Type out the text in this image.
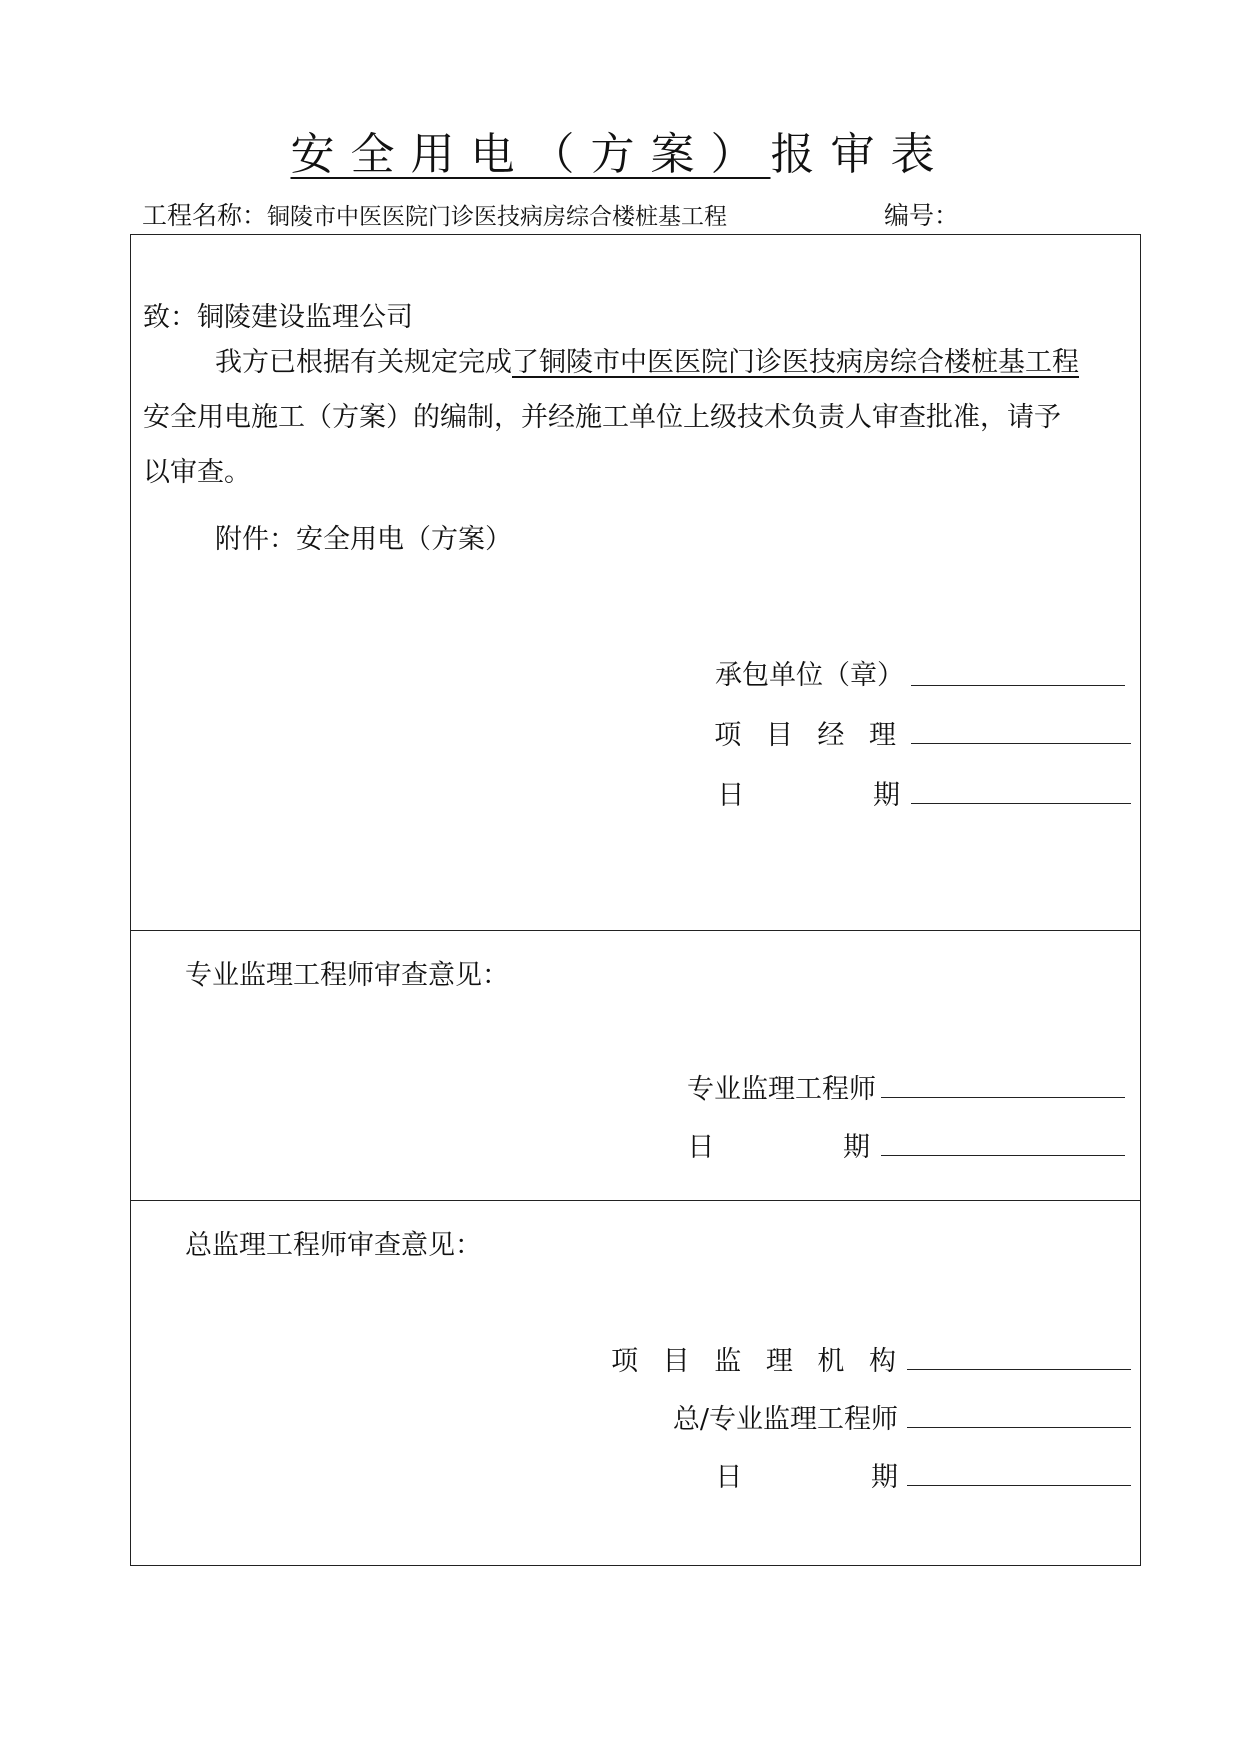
安全用电（方案）报审表
工程名称：铜陵市中医医院门诊医技病房综合楼桩基工程	编号：
致：铜陵建设监理公司
我方已根据有关规定完成了铜陵市中医医院门诊医技病房综合楼桩基工程
安全用电施工（方案）的编制，并经施工单位上级技术负责人审查批准，请予
以审查。
附件：安全用电（方案）
承包单位（章）
项 目 经 理
日 期
专业监理工程师审查意见：
专业监理工程师
日 期
总监理工程师审查意见：
项 目 监 理 机 构
总/专业监理工程师
日 期
